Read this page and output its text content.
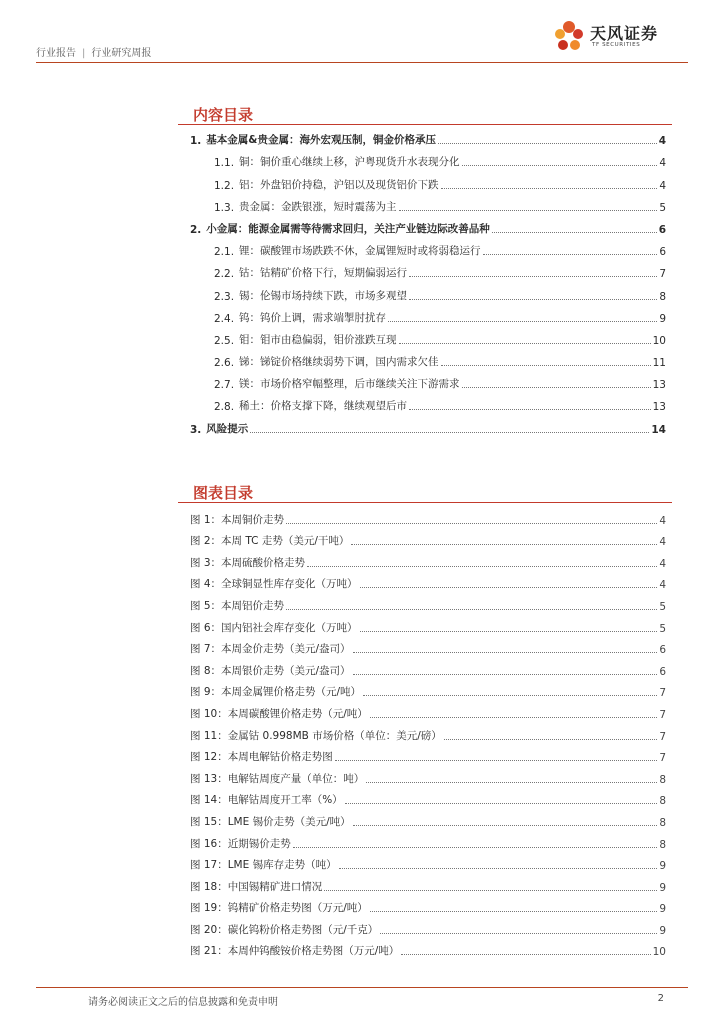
行业报告 | 行业研究周报
天风证券
TF SECURITIES
内容目录
1. 基本金属&贵金属：海外宏观压制，铜金价格承压	4
1.1. 铜：铜价重心继续上移，沪粤现货升水表现分化	4
1.2. 铝：外盘铝价持稳，沪铝以及现货铝价下跌	4
1.3. 贵金属：金跌银涨，短时震荡为主	5
2. 小金属：能源金属需等待需求回归，关注产业链边际改善品种	6
2.1. 锂：碳酸锂市场跌跌不休，金属锂短时或将弱稳运行	6
2.2. 钴：钴精矿价格下行，短期偏弱运行	7
2.3. 锡：伦锡市场持续下跌，市场多观望	8
2.4. 钨：钨价上调，需求端掣肘扰存	9
2.5. 钼：钼市由稳偏弱，钼价涨跌互现	10
2.6. 锑：锑锭价格继续弱势下调，国内需求欠佳	11
2.7. 镁：市场价格窄幅整理，后市继续关注下游需求	13
2.8. 稀土：价格支撑下降，继续观望后市	13
3. 风险提示	14
图表目录
图 1：本周铜价走势	4
图 2：本周 TC 走势（美元/干吨）	4
图 3：本周硫酸价格走势	4
图 4：全球铜显性库存变化（万吨）	4
图 5：本周铝价走势	5
图 6：国内铝社会库存变化（万吨）	5
图 7：本周金价走势（美元/盎司）	6
图 8：本周银价走势（美元/盎司）	6
图 9：本周金属锂价格走势（元/吨）	7
图 10：本周碳酸锂价格走势（元/吨）	7
图 11：金属钴 0.998MB 市场价格（单位：美元/磅）	7
图 12：本周电解钴价格走势图	7
图 13：电解钴周度产量（单位：吨）	8
图 14：电解钴周度开工率（%）	8
图 15：LME 锡价走势（美元/吨）	8
图 16：近期锡价走势	8
图 17：LME 锡库存走势（吨）	9
图 18：中国锡精矿进口情况	9
图 19：钨精矿价格走势图（万元/吨）	9
图 20：碳化钨粉价格走势图（元/千克）	9
图 21：本周仲钨酸铵价格走势图（万元/吨）	10
请务必阅读正文之后的信息披露和免责申明	2
